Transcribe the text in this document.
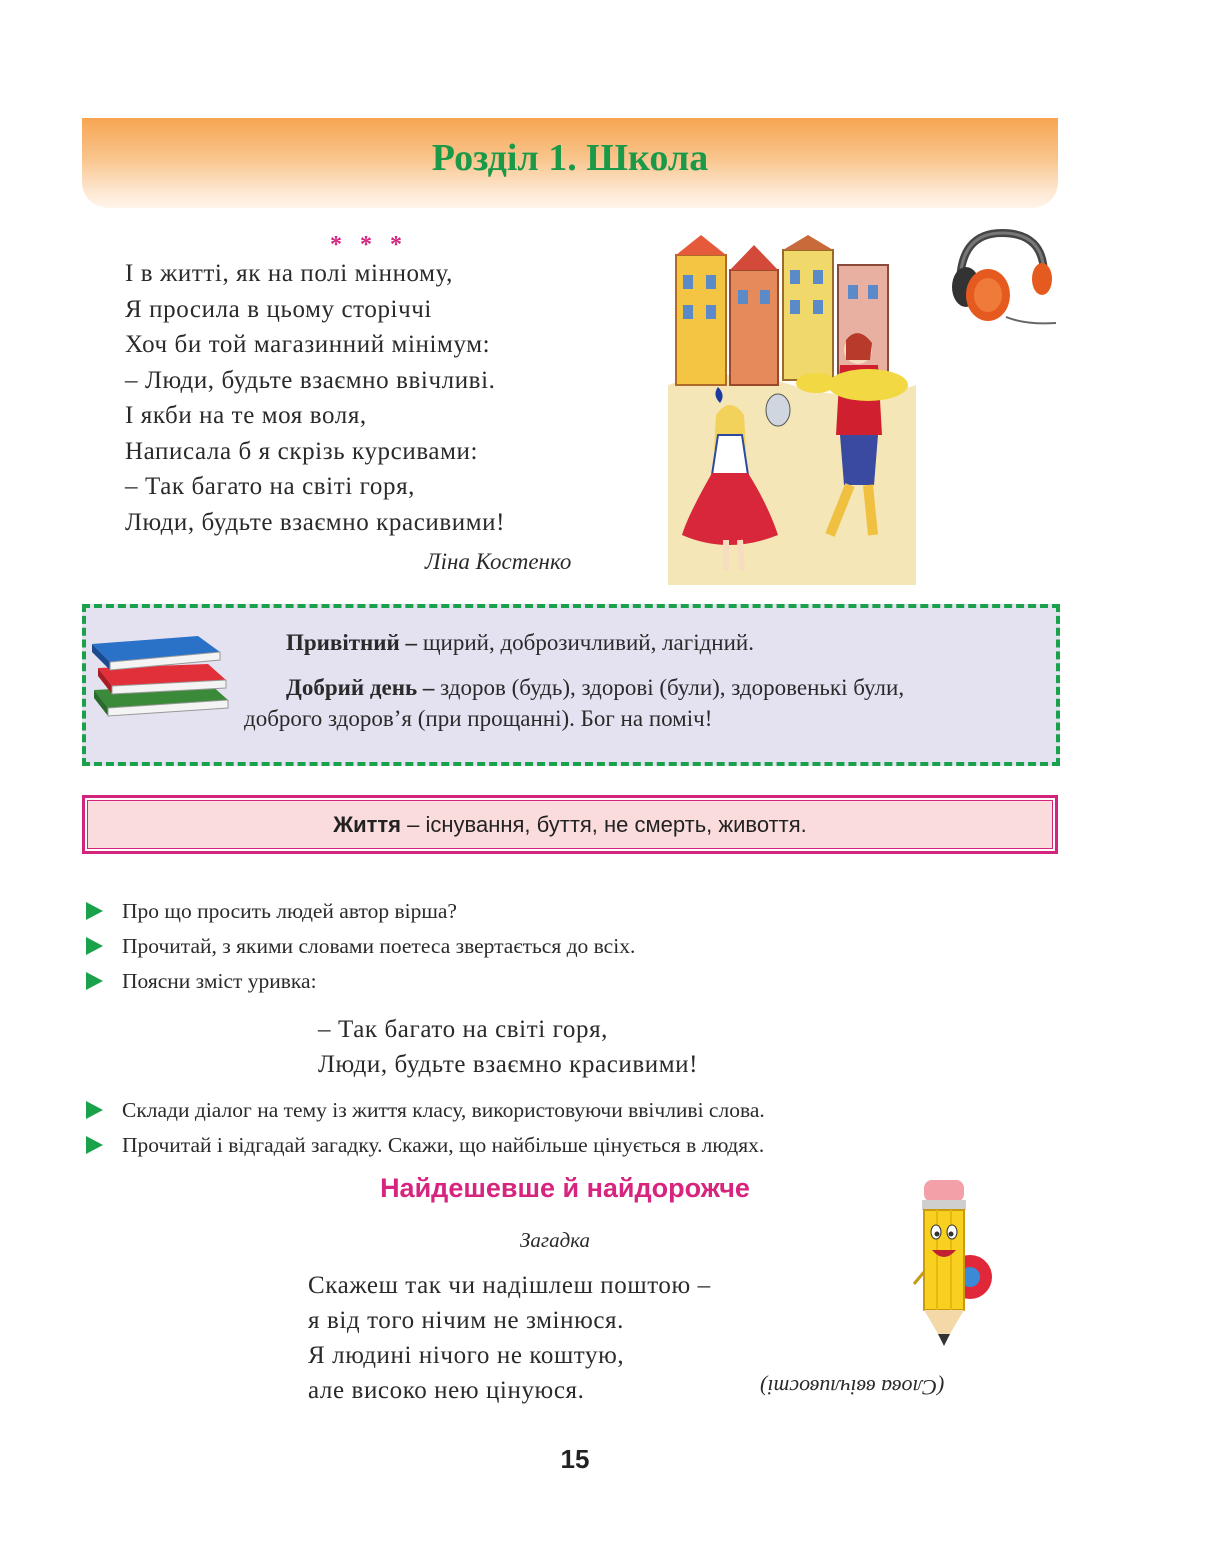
Розділ 1. Школа
* * *
І в житті, як на полі мінному,
Я просила в цьому сторіччі
Хоч би той магазинний мінімум:
– Люди, будьте взаємно ввічливі.
І якби на те моя воля,
Написала б я скрізь курсивами:
– Так багато на світі горя,
Люди, будьте взаємно красивими!
Ліна Костенко
Привітний – щирий, доброзичливий, лагідний.
Добрий день – здоров (будь), здорові (були), здоровенькі були,
доброго здоров’я (при прощанні). Бог на поміч!
Життя – існування, буття, не смерть, живоття.
Про що просить людей автор вірша?
Прочитай, з якими словами поетеса звертається до всіх.
Поясни зміст уривка:
– Так багато на світі горя,
Люди, будьте взаємно красивими!
Склади діалог на тему із життя класу, використовуючи ввічливі слова.
Прочитай і відгадай загадку. Скажи, що найбільше цінується в людях.
Найдешевше й найдорожче
Загадка
Скажеш так чи надішлеш поштою –
я від того нічим не змінюся.
Я людині нічого не коштую,
але високо нею цінуюся.	(Слова ввічливості)
15
